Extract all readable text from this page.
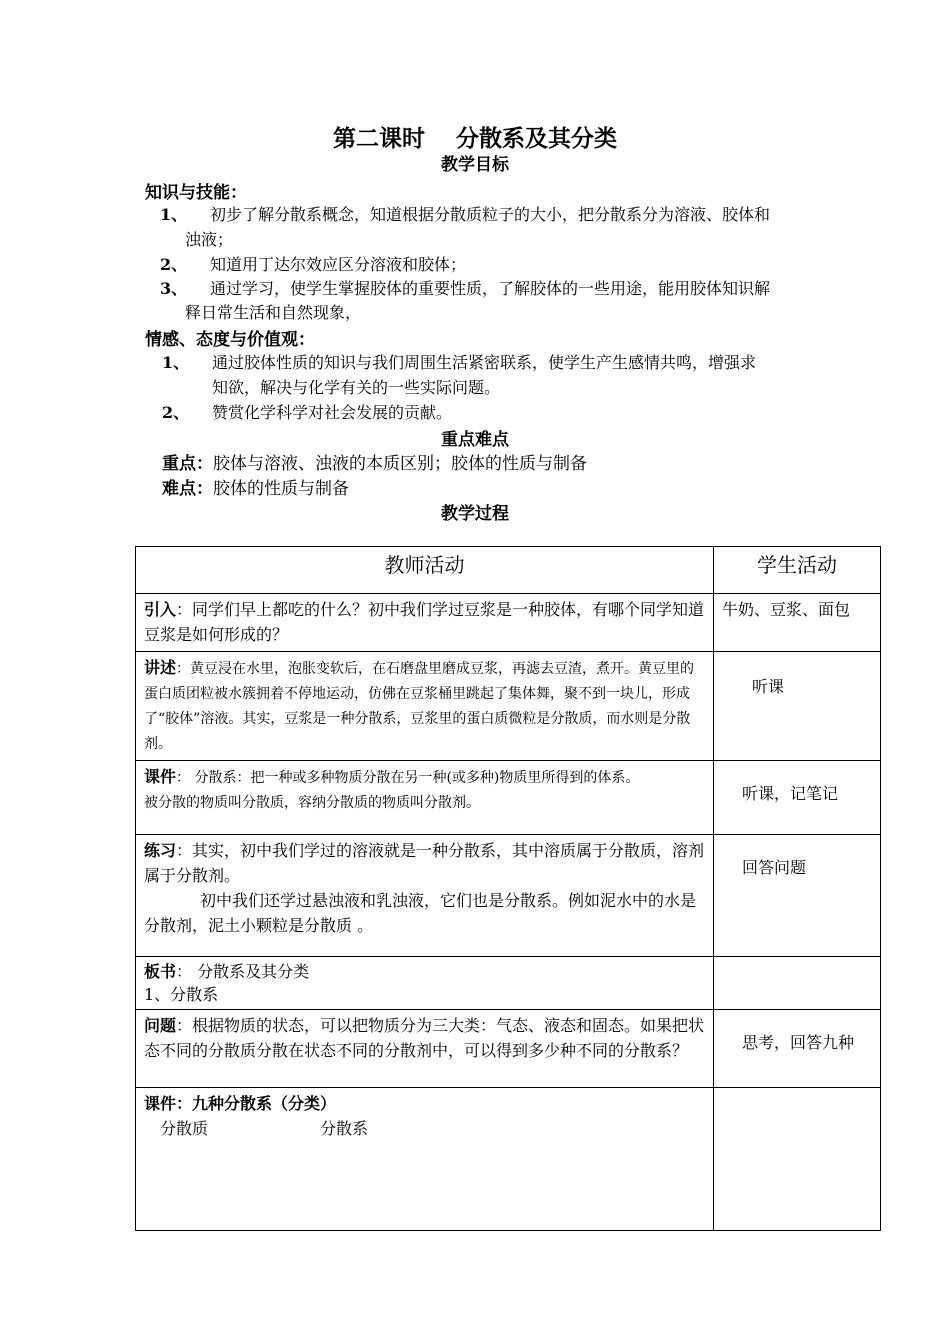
第二课时　 分散系及其分类
教学目标
知识与技能：
1、 初步了解分散系概念，知道根据分散质粒子的大小，把分散系分为溶液、胶体和
浊液；
2、 知道用丁达尔效应区分溶液和胶体；
3、 通过学习，使学生掌握胶体的重要性质，了解胶体的一些用途，能用胶体知识解
释日常生活和自然现象，
情感、态度与价值观：
1、 通过胶体性质的知识与我们周围生活紧密联系，使学生产生感情共鸣，增强求
知欲，解决与化学有关的一些实际问题。
2、 赞赏化学科学对社会发展的贡献。
重点难点
重点：胶体与溶液、浊液的本质区别；胶体的性质与制备
难点：胶体的性质与制备
教学过程
教师活动	学生活动
引入：同学们早上都吃的什么？初中我们学过豆浆是一种胶体，有哪个同学知道豆浆是如何形成的？	牛奶、豆浆、面包
讲述：黄豆浸在水里，泡胀变软后，在石磨盘里磨成豆浆，再滤去豆渣，煮开。黄豆里的蛋白质团粒被水簇拥着不停地运动，仿佛在豆浆桶里跳起了集体舞，聚不到一块儿，形成了“胶体”溶液。其实，豆浆是一种分散系，豆浆里的蛋白质微粒是分散质，而水则是分散剂。	听课
课件： 分散系：把一种或多种物质分散在另一种(或多种)物质里所得到的体系。
被分散的物质叫分散质，容纳分散质的物质叫分散剂。	听课，记笔记
练习：其实，初中我们学过的溶液就是一种分散系，其中溶质属于分散质，溶剂属于分散剂。
初中我们还学过悬浊液和乳浊液，它们也是分散系。例如泥水中的水是分散剂，泥土小颗粒是分散质 。	回答问题
板书： 分散系及其分类
1、分散系	
问题：根据物质的状态，可以把物质分为三大类：气态、液态和固态。如果把状态不同的分散质分散在状态不同的分散剂中，可以得到多少种不同的分散系？	思考，回答九种
课件：九种分散系（分类）
分散质 分散系	
